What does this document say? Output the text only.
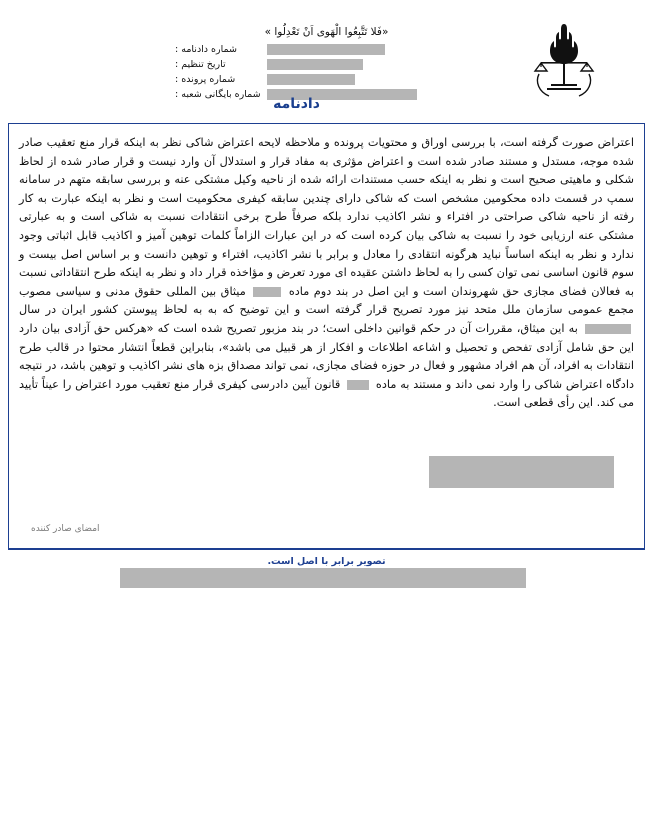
«فَلا تَتَّبِعُوا الْهَوى اَنْ تَعْدِلُوا »
شماره دادنامه :
تاریخ تنظیم :
شماره پرونده :
شماره بایگانی شعبه :
دادنامه

اعتراض صورت گرفته است، با بررسی اوراق و محتویات پرونده و ملاحظه لایحه اعتراض شاکی نظر به اینکه قرار منع تعقیب صادر شده موجه، مستدل و مستند صادر شده است و اعتراض مؤثری به مفاد قرار و استدلال آن وارد نیست و قرار صادر شده از لحاظ شکلی و ماهیتی صحیح است و نظر به اینکه حسب مستندات ارائه شده از ناحیه وکیل مشتکی عنه و بررسی سابقه متهم در سامانه سمپ در قسمت داده محکومین مشخص است که شاکی دارای چندین سابقه کیفری محکومیت است و نظر به اینکه عبارت به کار رفته از ناحیه شاکی صراحتی در افتراء و نشر اکاذیب ندارد بلکه صرفاً طرح برخی انتقادات نسبت به شاکی است و به عبارتی مشتکی عنه ارزیابی خود را نسبت به شاکی بیان کرده است که در این عبارات الزاماً کلمات توهین آمیز و اکاذیب قابل اثباتی وجود ندارد و نظر به اینکه اساساً نباید هرگونه انتقادی را معادل و برابر با نشر اکاذیب، افتراء و توهین دانست و بر اساس اصل بیست و سوم قانون اساسی نمی توان کسی را به لحاظ داشتن عقیده ای مورد تعرض و مؤاخذه قرار داد و نظر به اینکه طرح انتقاداتی نسبت به فعالان فضای مجازی حق شهروندان است و این اصل در بند دوم ماده  میثاق بین المللی حقوق مدنی و سیاسی مصوب مجمع عمومی سازمان ملل متحد نیز مورد تصریح قرار گرفته است و این توضیح که به به لحاظ پیوستن کشور ایران در سال  به این میثاق، مقررات آن در حکم قوانین داخلی است؛ در بند مزبور تصریح شده است که «هرکس حق آزادی بیان دارد این حق شامل آزادی تفحص و تحصیل و اشاعه اطلاعات و افکار از هر قبیل می باشد»، بنابراین قطعاً انتشار محتوا در قالب طرح انتقادات به افراد، آن هم افراد مشهور و فعال در حوزه فضای مجازی، نمی تواند مصداق بزه های نشر اکاذیب و توهین باشد، در نتیجه دادگاه اعتراض شاکی را وارد نمی داند و مستند به ماده  قانون آیین دادرسی کیفری قرار منع تعقیب مورد اعتراض را عیناً تأیید می کند. این رأی قطعی است.

امضای صادر کننده
تصویر برابر با اصل است.
